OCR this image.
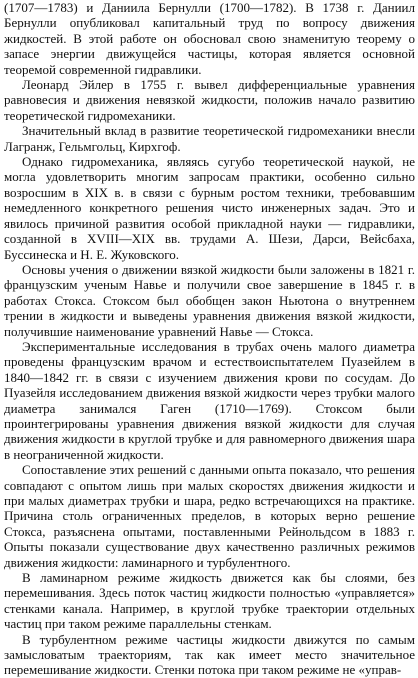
(1707—1783) и Даниила Бернулли (1700—1782). В 1738 г. Даниил Бернулли опубликовал капитальный труд по вопросу движения жидкостей. В этой работе он обосновал свою знаменитую теорему о запасе энергии движущейся частицы, которая является основной теоремой современной гидравлики.

Леонард Эйлер в 1755 г. вывел дифференциальные уравнения равновесия и движения невязкой жидкости, положив начало развитию теоретической гидромеханики.

Значительный вклад в развитие теоретической гидромеханики внесли Лагранж, Гельмгольц, Кирхгоф.

Однако гидромеханика, являясь сугубо теоретической наукой, не могла удовлетворить многим запросам практики, особенно сильно возросшим в XIX в. в связи с бурным ростом техники, требовавшим немедленного конкретного решения чисто инженерных задач. Это и явилось причиной развития особой прикладной науки — гидравлики, созданной в XVIII—XIX вв. трудами А. Шези, Дарси, Вейсбаха, Буссинеска и Н. Е. Жуковского.

Основы учения о движении вязкой жидкости были заложены в 1821 г. французским ученым Навье и получили свое завершение в 1845 г. в работах Стокса. Стоксом был обобщен закон Ньютона о внутреннем трении в жидкости и выведены уравнения движения вязкой жидкости, получившие наименование уравнений Навье — Стокса.

Экспериментальные исследования в трубах очень малого диаметра проведены французским врачом и естествоиспытателем Пуазейлем в 1840—1842 гг. в связи с изучением движения крови по сосудам. До Пуазейля исследованием движения вязкой жидкости через трубки малого диаметра занимался Гаген (1710—1769). Стоксом были проинтегрированы уравнения движения вязкой жидкости для случая движения жидкости в круглой трубке и для равномерного движения шара в неограниченной жидкости.

Сопоставление этих решений с данными опыта показало, что решения совпадают с опытом лишь при малых скоростях движения жидкости и при малых диаметрах трубки и шара, редко встречающихся на практике. Причина столь ограниченных пределов, в которых верно решение Стокса, разъяснена опытами, поставленными Рейнольдсом в 1883 г. Опыты показали существование двух качественно различных режимов движения жидкости: ламинарного и турбулентного.

В ламинарном режиме жидкость движется как бы слоями, без перемешивания. Здесь поток частиц жидкости полностью «управляется» стенками канала. Например, в круглой трубке траектории отдельных частиц при таком режиме параллельны стенкам.

В турбулентном режиме частицы жидкости движутся по самым замысловатым траекториям, так как имеет место значительное перемешивание жидкости. Стенки потока при таком режиме не «управ-
